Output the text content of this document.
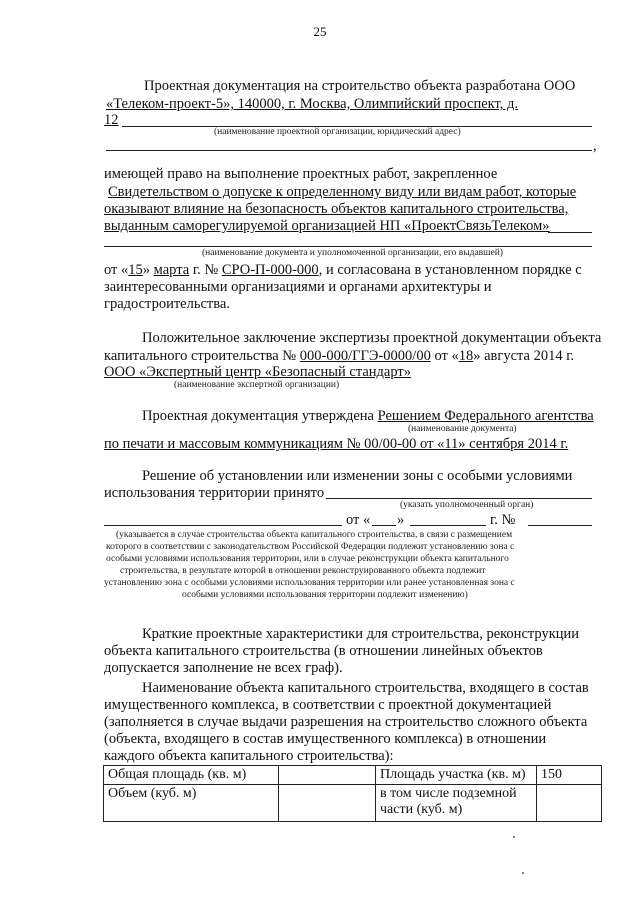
25
Проектная документация на строительство объекта разработана ООО
«Телеком-проект-5», 140000, г. Москва, Олимпийский проспект, д.
12
(наименование проектной организации, юридический адрес)
,
имеющей право на выполнение проектных работ, закрепленное
Свидетельством о допуске к определенному виду или видам работ, которые
оказывают влияние на безопасность объектов капитального строительства,
выданным саморегулируемой организацией НП «ПроектСвязьТелеком»
(наименование документа и уполномоченной организации, его выдавшей)
от «15» марта г. № СРО-П-000-000, и согласована в установленном порядке с
заинтересованными организациями и органами архитектуры и
градостроительства.
Положительное заключение экспертизы проектной документации объекта
капитального строительства № 000-000/ГГЭ-0000/00 от «18» августа 2014 г.
ООО «Экспертный центр «Безопасный стандарт»
(наименование экспертной организации)
Проектная документация утверждена Решением Федерального агентства
(наименование документа)
по печати и массовым коммуникациям № 00/00-00 от «11» сентября 2014 г.
Решение об установлении или изменении зоны с особыми условиями
использования территории принято
(указать уполномоченный орган)
от « »	г. №
(указывается в случае строительства объекта капитального строительства, в связи с размещением
которого в соответствии с законодательством Российской Федерации подлежит установлению зона с
особыми условиями использования территории, или в случае реконструкции объекта капитального
строительства, в результате которой в отношении реконструированного объекта подлежит
установлению зона с особыми условиями использования территории или ранее установленная зона с
особыми условиями использования территории подлежит изменению)
Краткие проектные характеристики для строительства, реконструкции
объекта капитального строительства (в отношении линейных объектов
допускается заполнение не всех граф).
Наименование объекта капитального строительства, входящего в состав
имущественного комплекса, в соответствии с проектной документацией
(заполняется в случае выдачи разрешения на строительство сложного объекта
(объекта, входящего в состав имущественного комплекса) в отношении
каждого объекта капитального строительства):
Общая площадь (кв. м)		Площадь участка (кв. м)	150
Объем (куб. м)		в том числе подземной
части (куб. м)	
